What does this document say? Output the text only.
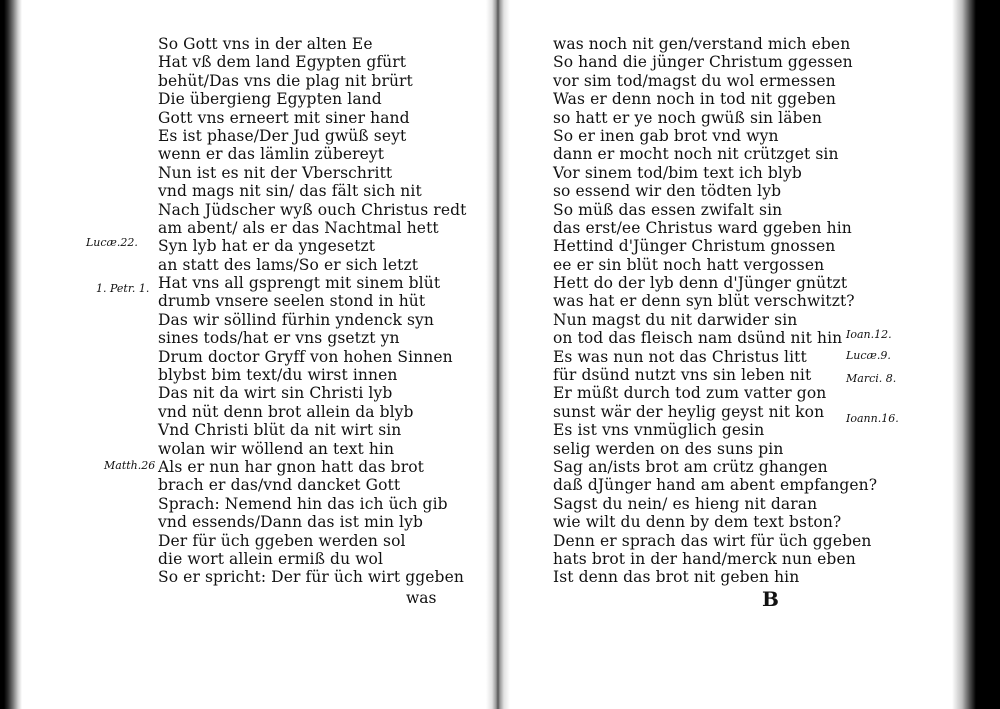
So Gott vns in der alten Ee
Hat vß dem land Egypten gfürt
behüt/Das vns die plag nit brürt
Die übergieng Egypten land
Gott vns erneert mit siner hand
Es ist phase/Der Jud gwüß seyt
wenn er das lämlin zübereyt
Nun ist es nit der Vberschritt
vnd mags nit sin/ das fält sich nit
Nach Jüdscher wyß ouch Christus redt
am abent/ als er das Nachtmal hett
Syn lyb hat er da yngesetzt
an statt des lams/So er sich letzt
Hat vns all gsprengt mit sinem blüt
drumb vnsere seelen stond in hüt
Das wir söllind fürhin yndenck syn
sines tods/hat er vns gsetzt yn
Drum doctor Gryff von hohen Sinnen
blybst bim text/du wirst innen
Das nit da wirt sin Christi lyb
vnd nüt denn brot allein da blyb
Vnd Christi blüt da nit wirt sin
wolan wir wöllend an text hin
Als er nun har gnon hatt das brot
brach er das/vnd dancket Gott
Sprach: Nemend hin das ich üch gib
vnd essends/Dann das ist min lyb
Der für üch ggeben werden sol
die wort allein ermiß du wol
So er spricht: Der für üch wirt ggeben
was
Lucæ.22.
1. Petr. 1.
Matth.26
was noch nit gen/verstand mich eben
So hand die jünger Christum ggessen
vor sim tod/magst du wol ermessen
Was er denn noch in tod nit ggeben
so hatt er ye noch gwüß sin läben
So er inen gab brot vnd wyn
dann er mocht noch nit crützget sin
Vor sinem tod/bim text ich blyb
so essend wir den tödten lyb
So müß das essen zwifalt sin
das erst/ee Christus ward ggeben hin
Hettind d'Jünger Christum gnossen
ee er sin blüt noch hatt vergossen
Hett do der lyb denn d'Jünger gnützt
was hat er denn syn blüt verschwitzt?
Nun magst du nit darwider sin
on tod das fleisch nam dsünd nit hin
Es was nun not das Christus litt
für dsünd nutzt vns sin leben nit
Er müßt durch tod zum vatter gon
sunst wär der heylig geyst nit kon
Es ist vns vnmüglich gesin
selig werden on des suns pin
Sag an/ists brot am crütz ghangen
daß dJünger hand am abent empfangen?
Sagst du nein/ es hieng nit daran
wie wilt du denn by dem text bston?
Denn er sprach das wirt für üch ggeben
hats brot in der hand/merck nun eben
Ist denn das brot nit geben hin
B
Ioan.12.
Lucæ.9.
Marci. 8.
Ioann.16.
